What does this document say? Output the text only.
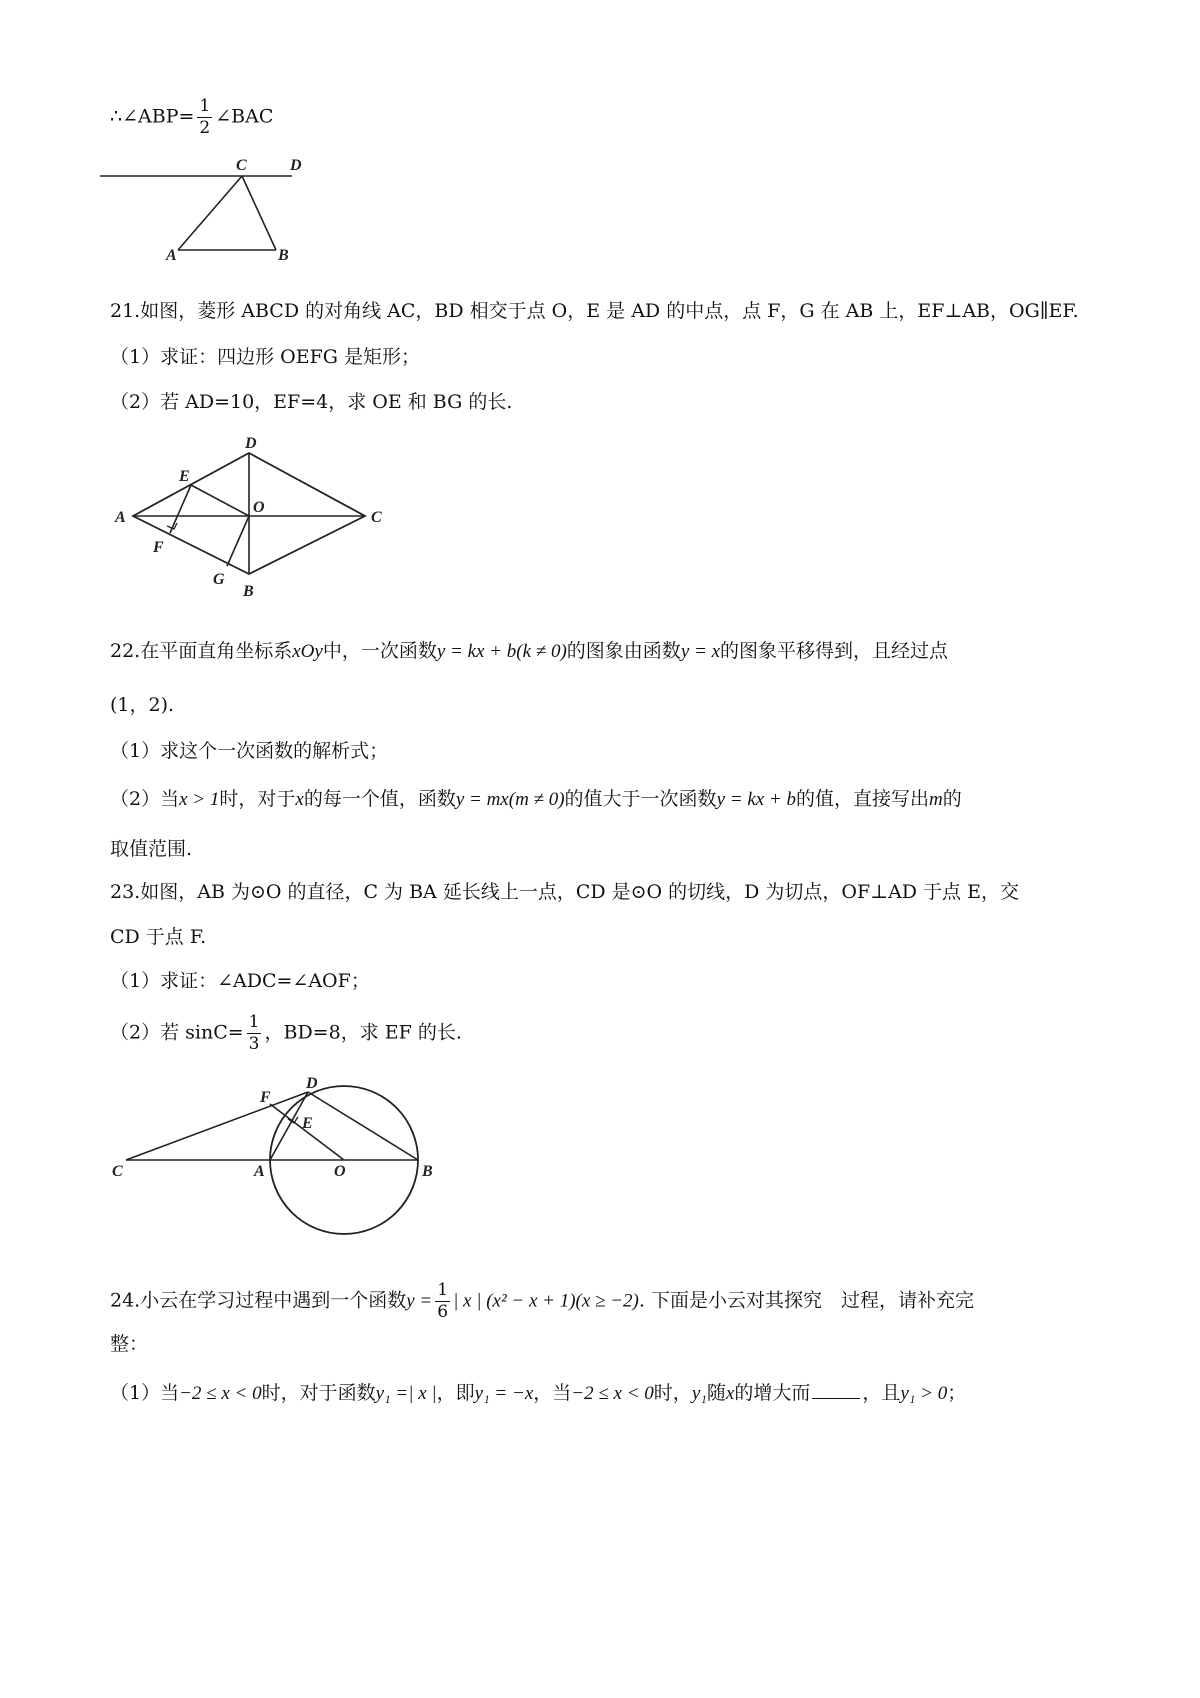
∴∠ABP= $\frac{1}{2}$ ∠BAC
C	D
A	B
21.如图，菱形 ABCD 的对角线 AC，BD 相交于点 O，E 是 AD 的中点，点 F，G 在 AB 上，EF⊥AB，OG∥EF.
（1）求证：四边形 OEFG 是矩形；
（2）若 AD=10，EF=4，求 OE 和 BG 的长.
D
E
A
O
C
F
G
B
22.在平面直角坐标系xOy中，一次函数y = kx + b(k ≠ 0)的图象由函数y = x的图象平移得到，且经过点
(1，2).
（1）求这个一次函数的解析式；
（2）当x > 1时，对于x的每一个值，函数y = mx(m ≠ 0)的值大于一次函数y = kx + b的值，直接写出m的
取值范围.
23.如图，AB 为⊙O 的直径，C 为 BA 延长线上一点，CD 是⊙O 的切线，D 为切点，OF⊥AD 于点 E，交
CD 于点 F.
（1）求证：∠ADC=∠AOF；
（2）若 $\sin C= \frac{1}{3}$ ，BD=8，求 EF 的长.
D
F
E
C	A	O	B
24.小云在学习过程中遇到一个函数$y = \frac{1}{6}$ | x | (x² − x + 1)(x ≥ −2). 下面是小云对其探究　过程，请补充完
整：
（1）当−2 ≤ x < 0时，对于函数y₁ =| x |，即y₁ = −x，当−2 ≤ x < 0时，y₁随x的增大而	，且y₁ > 0；
